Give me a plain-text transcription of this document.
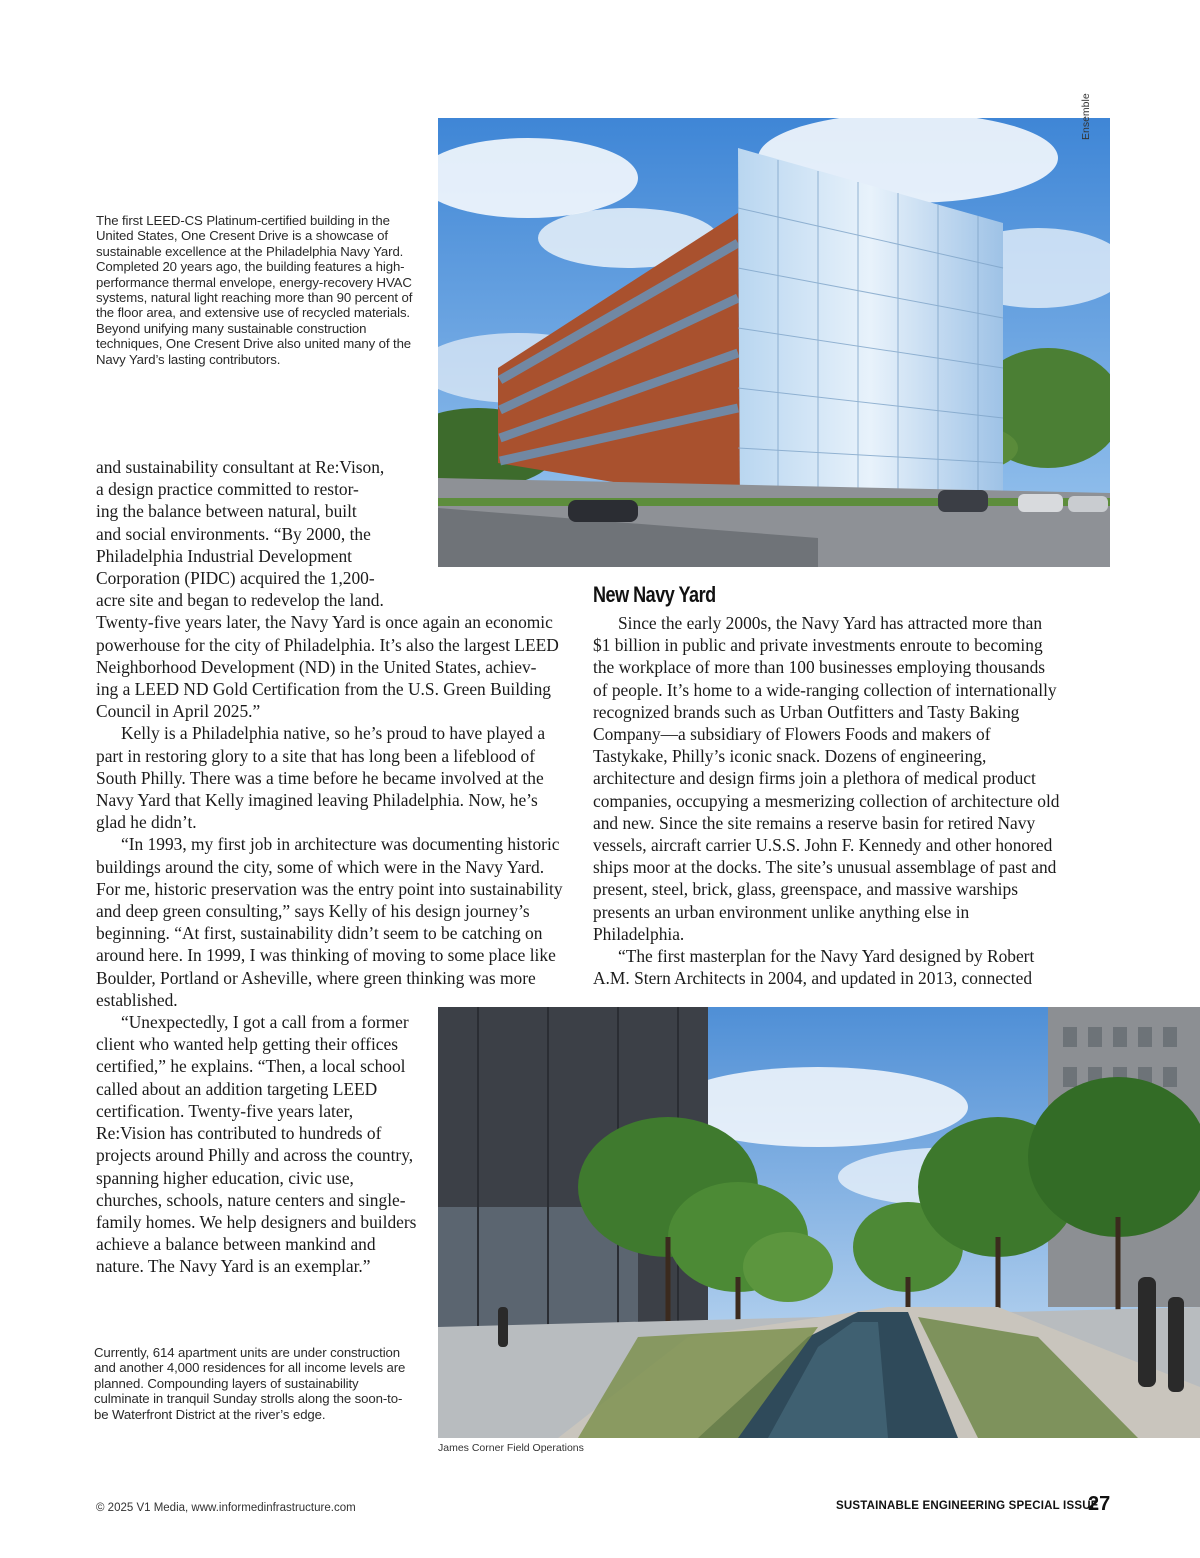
The first LEED-CS Platinum-certified building in the United States, One Cresent Drive is a showcase of sustainable excellence at the Philadelphia Navy Yard. Completed 20 years ago, the building features a high-performance thermal envelope, energy-recovery HVAC systems, natural light reaching more than 90 percent of the floor area, and extensive use of recycled materials. Beyond unifying many sustainable construction techniques, One Cresent Drive also united many of the Navy Yard’s lasting contributors.
Ensemble
and sustainability consultant at Re:Vison,
a design practice committed to restor-
ing the balance between natural, built
and social environments. “By 2000, the
Philadelphia Industrial Development
Corporation (PIDC) acquired the 1,200-
acre site and began to redevelop the land.
Twenty-five years later, the Navy Yard is once again an economic
powerhouse for the city of Philadelphia. It’s also the largest LEED
Neighborhood Development (ND) in the United States, achiev-
ing a LEED ND Gold Certification from the U.S. Green Building
Council in April 2025.”

Kelly is a Philadelphia native, so he’s proud to have played a part in restoring glory to a site that has long been a lifeblood of South Philly. There was a time before he became involved at the Navy Yard that Kelly imagined leaving Philadelphia. Now, he’s glad he didn’t.

“In 1993, my first job in architecture was documenting historic buildings around the city, some of which were in the Navy Yard. For me, historic preservation was the entry point into sustainability and deep green consulting,” says Kelly of his design journey’s beginning. “At first, sustainability didn’t seem to be catching on around here. In 1999, I was thinking of moving to some place like Boulder, Portland or Asheville, where green thinking was more established.

“Unexpectedly, I got a call from a former client who wanted help getting their offices certified,” he explains. “Then, a local school called about an addition targeting LEED certification. Twenty-five years later, Re:Vision has contributed to hundreds of projects around Philly and across the country, spanning higher education, civic use, churches, schools, nature centers and single-family homes. We help designers and builders achieve a balance between mankind and nature. The Navy Yard is an exemplar.”

New Navy Yard

Since the early 2000s, the Navy Yard has attracted more than $1 billion in public and private investments enroute to becoming the workplace of more than 100 businesses employing thousands of people. It’s home to a wide-ranging collection of internationally recognized brands such as Urban Outfitters and Tasty Baking Company—a subsidiary of Flowers Foods and makers of Tastykake, Philly’s iconic snack. Dozens of engineering, architecture and design firms join a plethora of medical product companies, occupying a mesmerizing collection of architecture old and new. Since the site remains a reserve basin for retired Navy vessels, aircraft carrier U.S.S. John F. Kennedy and other honored ships moor at the docks. The site’s unusual assemblage of past and present, steel, brick, glass, greenspace, and massive warships presents an urban environment unlike anything else in Philadelphia.

“The first masterplan for the Navy Yard designed by Robert A.M. Stern Architects in 2004, and updated in 2013, connected

Currently, 614 apartment units are under construction and another 4,000 residences for all income levels are planned. Compounding layers of sustainability culminate in tranquil Sunday strolls along the soon-to-be Waterfront District at the river’s edge.
James Corner Field Operations
© 2025 V1 Media, www.informedinfrastructure.com	SUSTAINABLE ENGINEERING SPECIAL ISSUE
27
